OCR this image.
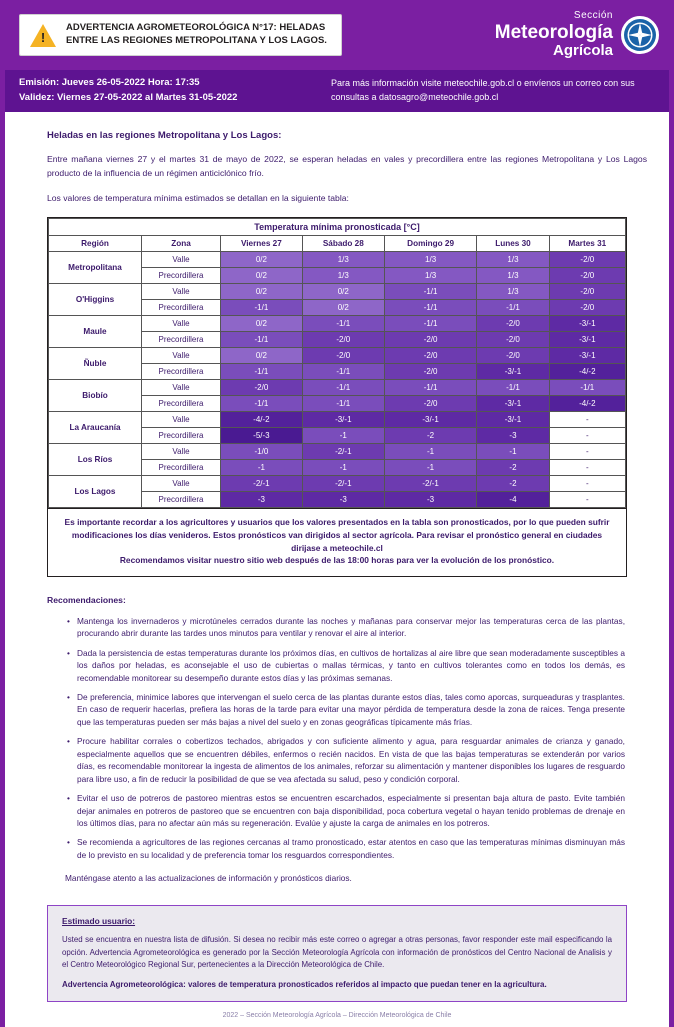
!
ADVERTENCIA AGROMETEOROLÓGICA N°17: HELADAS
ENTRE LAS REGIONES METROPOLITANA Y LOS LAGOS.
Sección
Meteorología
Agrícola
Emisión: Jueves 26-05-2022 Hora: 17:35
Validez: Viernes 27-05-2022 al Martes 31-05-2022
Para más información visite meteochile.gob.cl o envíenos un correo con sus consultas a datosagro@meteochile.gob.cl
Heladas en las regiones Metropolitana y Los Lagos:

Entre mañana viernes 27 y el martes 31 de mayo de 2022, se esperan heladas en vales y precordillera entre las regiones Metropolitana y Los Lagos producto de la influencia de un régimen anticiclónico frío.

Los valores de temperatura mínima estimados se detallan en la siguiente tabla:

Temperatura mínima pronosticada [°C]						
Región	Zona	Viernes 27	Sábado 28	Domingo 29	Lunes 30	Martes 31
Metropolitana	Valle	0/2	1/3	1/3	1/3	-2/0
	Precordillera	0/2	1/3	1/3	1/3	-2/0
O'Higgins	Valle	0/2	0/2	-1/1	1/3	-2/0
	Precordillera	-1/1	0/2	-1/1	-1/1	-2/0
Maule	Valle	0/2	-1/1	-1/1	-2/0	-3/-1
	Precordillera	-1/1	-2/0	-2/0	-2/0	-3/-1
Ñuble	Valle	0/2	-2/0	-2/0	-2/0	-3/-1
	Precordillera	-1/1	-1/1	-2/0	-3/-1	-4/-2
Biobío	Valle	-2/0	-1/1	-1/1	-1/1	-1/1
	Precordillera	-1/1	-1/1	-2/0	-3/-1	-4/-2
La Araucanía	Valle	-4/-2	-3/-1	-3/-1	-3/-1	-
	Precordillera	-5/-3	-1	-2	-3	-
Los Ríos	Valle	-1/0	-2/-1	-1	-1	-
	Precordillera	-1	-1	-1	-2	-
Los Lagos	Valle	-2/-1	-2/-1	-2/-1	-2	-
	Precordillera	-3	-3	-3	-4	-
Es importante recordar a los agricultores y usuarios que los valores presentados en la tabla son pronosticados, por lo que pueden sufrir modificaciones los días venideros. Estos pronósticos van dirigidos al sector agrícola. Para revisar el pronóstico general en ciudades dirijase a meteochile.cl
Recomendamos visitar nuestro sitio web después de las 18:00 horas para ver la evolución de los pronóstico.
Recomendaciones:
• Mantenga los invernaderos y microtúneles cerrados durante las noches y mañanas para conservar mejor las temperaturas cerca de las plantas, procurando abrir durante las tardes unos minutos para ventilar y renovar el aire al interior.
• Dada la persistencia de estas temperaturas durante los próximos días, en cultivos de hortalizas al aire libre que sean moderadamente susceptibles a los daños por heladas, es aconsejable el uso de cubiertas o mallas térmicas, y tanto en cultivos tolerantes como en todos los demás, es recomendable monitorear su desempeño durante estos días y las próximas semanas.
• De preferencia, minimice labores que intervengan el suelo cerca de las plantas durante estos días, tales como aporcas, surqueaduras y trasplantes. En caso de requerir hacerlas, prefiera las horas de la tarde para evitar una mayor pérdida de temperatura desde la zona de raices. Tenga presente que las temperaturas pueden ser más bajas a nivel del suelo y en zonas geográficas típicamente más frías.
• Procure habilitar corrales o cobertizos techados, abrigados y con suficiente alimento y agua, para resguardar animales de crianza y ganado, especialmente aquellos que se encuentren débiles, enfermos o recién nacidos. En vista de que las bajas temperaturas se extenderán por varios días, es recomendable monitorear la ingesta de alimentos de los animales, reforzar su alimentación y mantener disponibles los lugares de resguardo para libre uso, a fin de reducir la posibilidad de que se vea afectada su salud, peso y condición corporal.
• Evitar el uso de potreros de pastoreo mientras estos se encuentren escarchados, especialmente si presentan baja altura de pasto. Evite también dejar animales en potreros de pastoreo que se encuentren con baja disponibilidad, poca cobertura vegetal o hayan tenido problemas de drenaje en los últimos días, para no afectar aún más su regeneración. Evalúe y ajuste la carga de animales en los potreros.
• Se recomienda a agricultores de las regiones cercanas al tramo pronosticado, estar atentos en caso que las temperaturas mínimas disminuyan más de lo previsto en su localidad y de preferencia tomar los resguardos correspondientes.
Manténgase atento a las actualizaciones de información y pronósticos diarios.
Estimado usuario:

Usted se encuentra en nuestra lista de difusión. Si desea no recibir más este correo o agregar a otras personas, favor responder este mail especificando la opción. Advertencia Agrometeorológica es generado por la Sección Meteorología Agrícola con información de pronósticos del Centro Nacional de Analisis y el Centro Meteorológico Regional Sur, pertenecientes a la Dirección Meteorológica de Chile.

Advertencia Agrometeorológica: valores de temperatura pronosticados referidos al impacto que puedan tener en la agricultura.

2022 – Sección Meteorología Agrícola – Dirección Meteorológica de Chile
